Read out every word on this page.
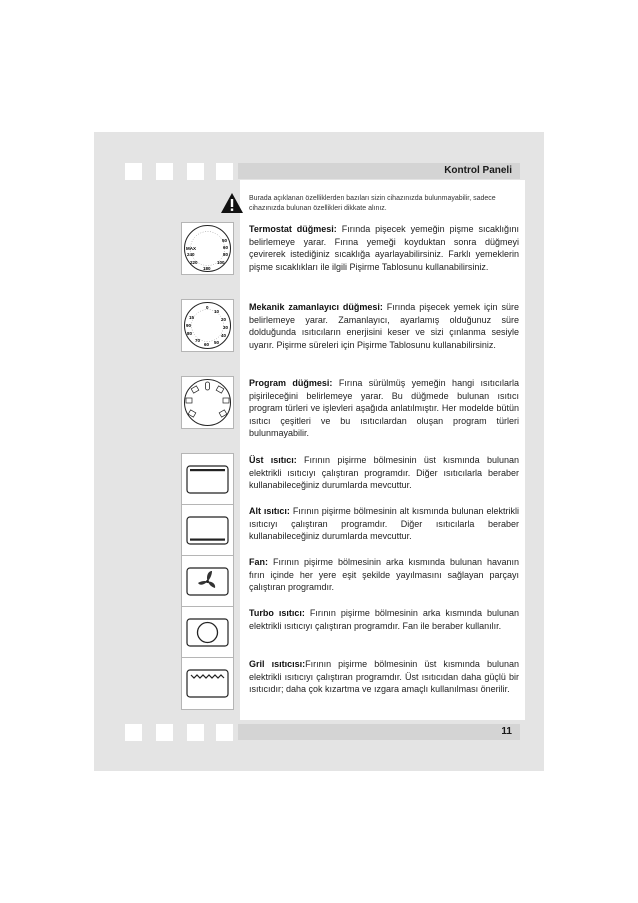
Kontrol Paneli
Burada açıklanan özelliklerden bazıları sizin cihazınızda bulunmayabilir, sadece cihazınızda bulunan özellikleri dikkate alınız.
MAX
240
220
180
100
80
60
50
0
10
20
30
40
50
60
70
80
90
15
Termostat düğmesi: Fırında pişecek yemeğin pişme sıcaklığını belirlemeye yarar. Fırına yemeği koyduktan sonra düğmeyi çevirerek istediğiniz sıcaklığa ayarlayabilirsiniz. Farklı yemeklerin pişme sıcaklıkları ile ilgili Pişirme Tablosunu kullanabilirsiniz.
Mekanik zamanlayıcı düğmesi: Fırında pişecek yemek için süre belirlemeye yarar. Zamanlayıcı, ayarlamış olduğunuz süre dolduğunda ısıtıcıların enerjisini keser ve sizi çınlanma sesiyle uyarır. Pişirme süreleri için Pişirme Tablosunu kullanabilirsiniz.
Program düğmesi: Fırına sürülmüş yemeğin hangi ısıtıcılarla pişirileceğini belirlemeye yarar. Bu düğmede bulunan ısıtıcı program türleri ve işlevleri aşağıda anlatılmıştır. Her modelde bütün ısıtıcı çeşitleri ve bu ısıtıcılardan oluşan program türleri bulunmayabilir.
Üst ısıtıcı: Fırının pişirme bölmesinin üst kısmında bulunan elektrikli ısıtıcıyı çalıştıran programdır. Diğer ısıtıcılarla beraber kullanabileceğiniz durumlarda mevcuttur.
Alt ısıtıcı: Fırının pişirme bölmesinin alt kısmında bulunan elektrikli ısıtıcıyı çalıştıran programdır. Diğer ısıtıcılarla beraber kullanabileceğiniz durumlarda mevcuttur.
Fan: Fırının pişirme bölmesinin arka kısmında bulunan havanın fırın içinde her yere eşit şekilde yayılmasını sağlayan parçayı çalıştıran programdır.
Turbo ısıtıcı: Fırının pişirme bölmesinin arka kısmında bulunan elektrikli ısıtıcıyı çalıştıran programdır. Fan ile beraber kullanılır.
Gril ısıtıcısı:Fırının pişirme bölmesinin üst kısmında bulunan elektrikli ısıtıcıyı çalıştıran programdır. Üst ısıtıcıdan daha güçlü bir ısıtıcıdır; daha çok kızartma ve ızgara amaçlı kullanılması önerilir.
11
